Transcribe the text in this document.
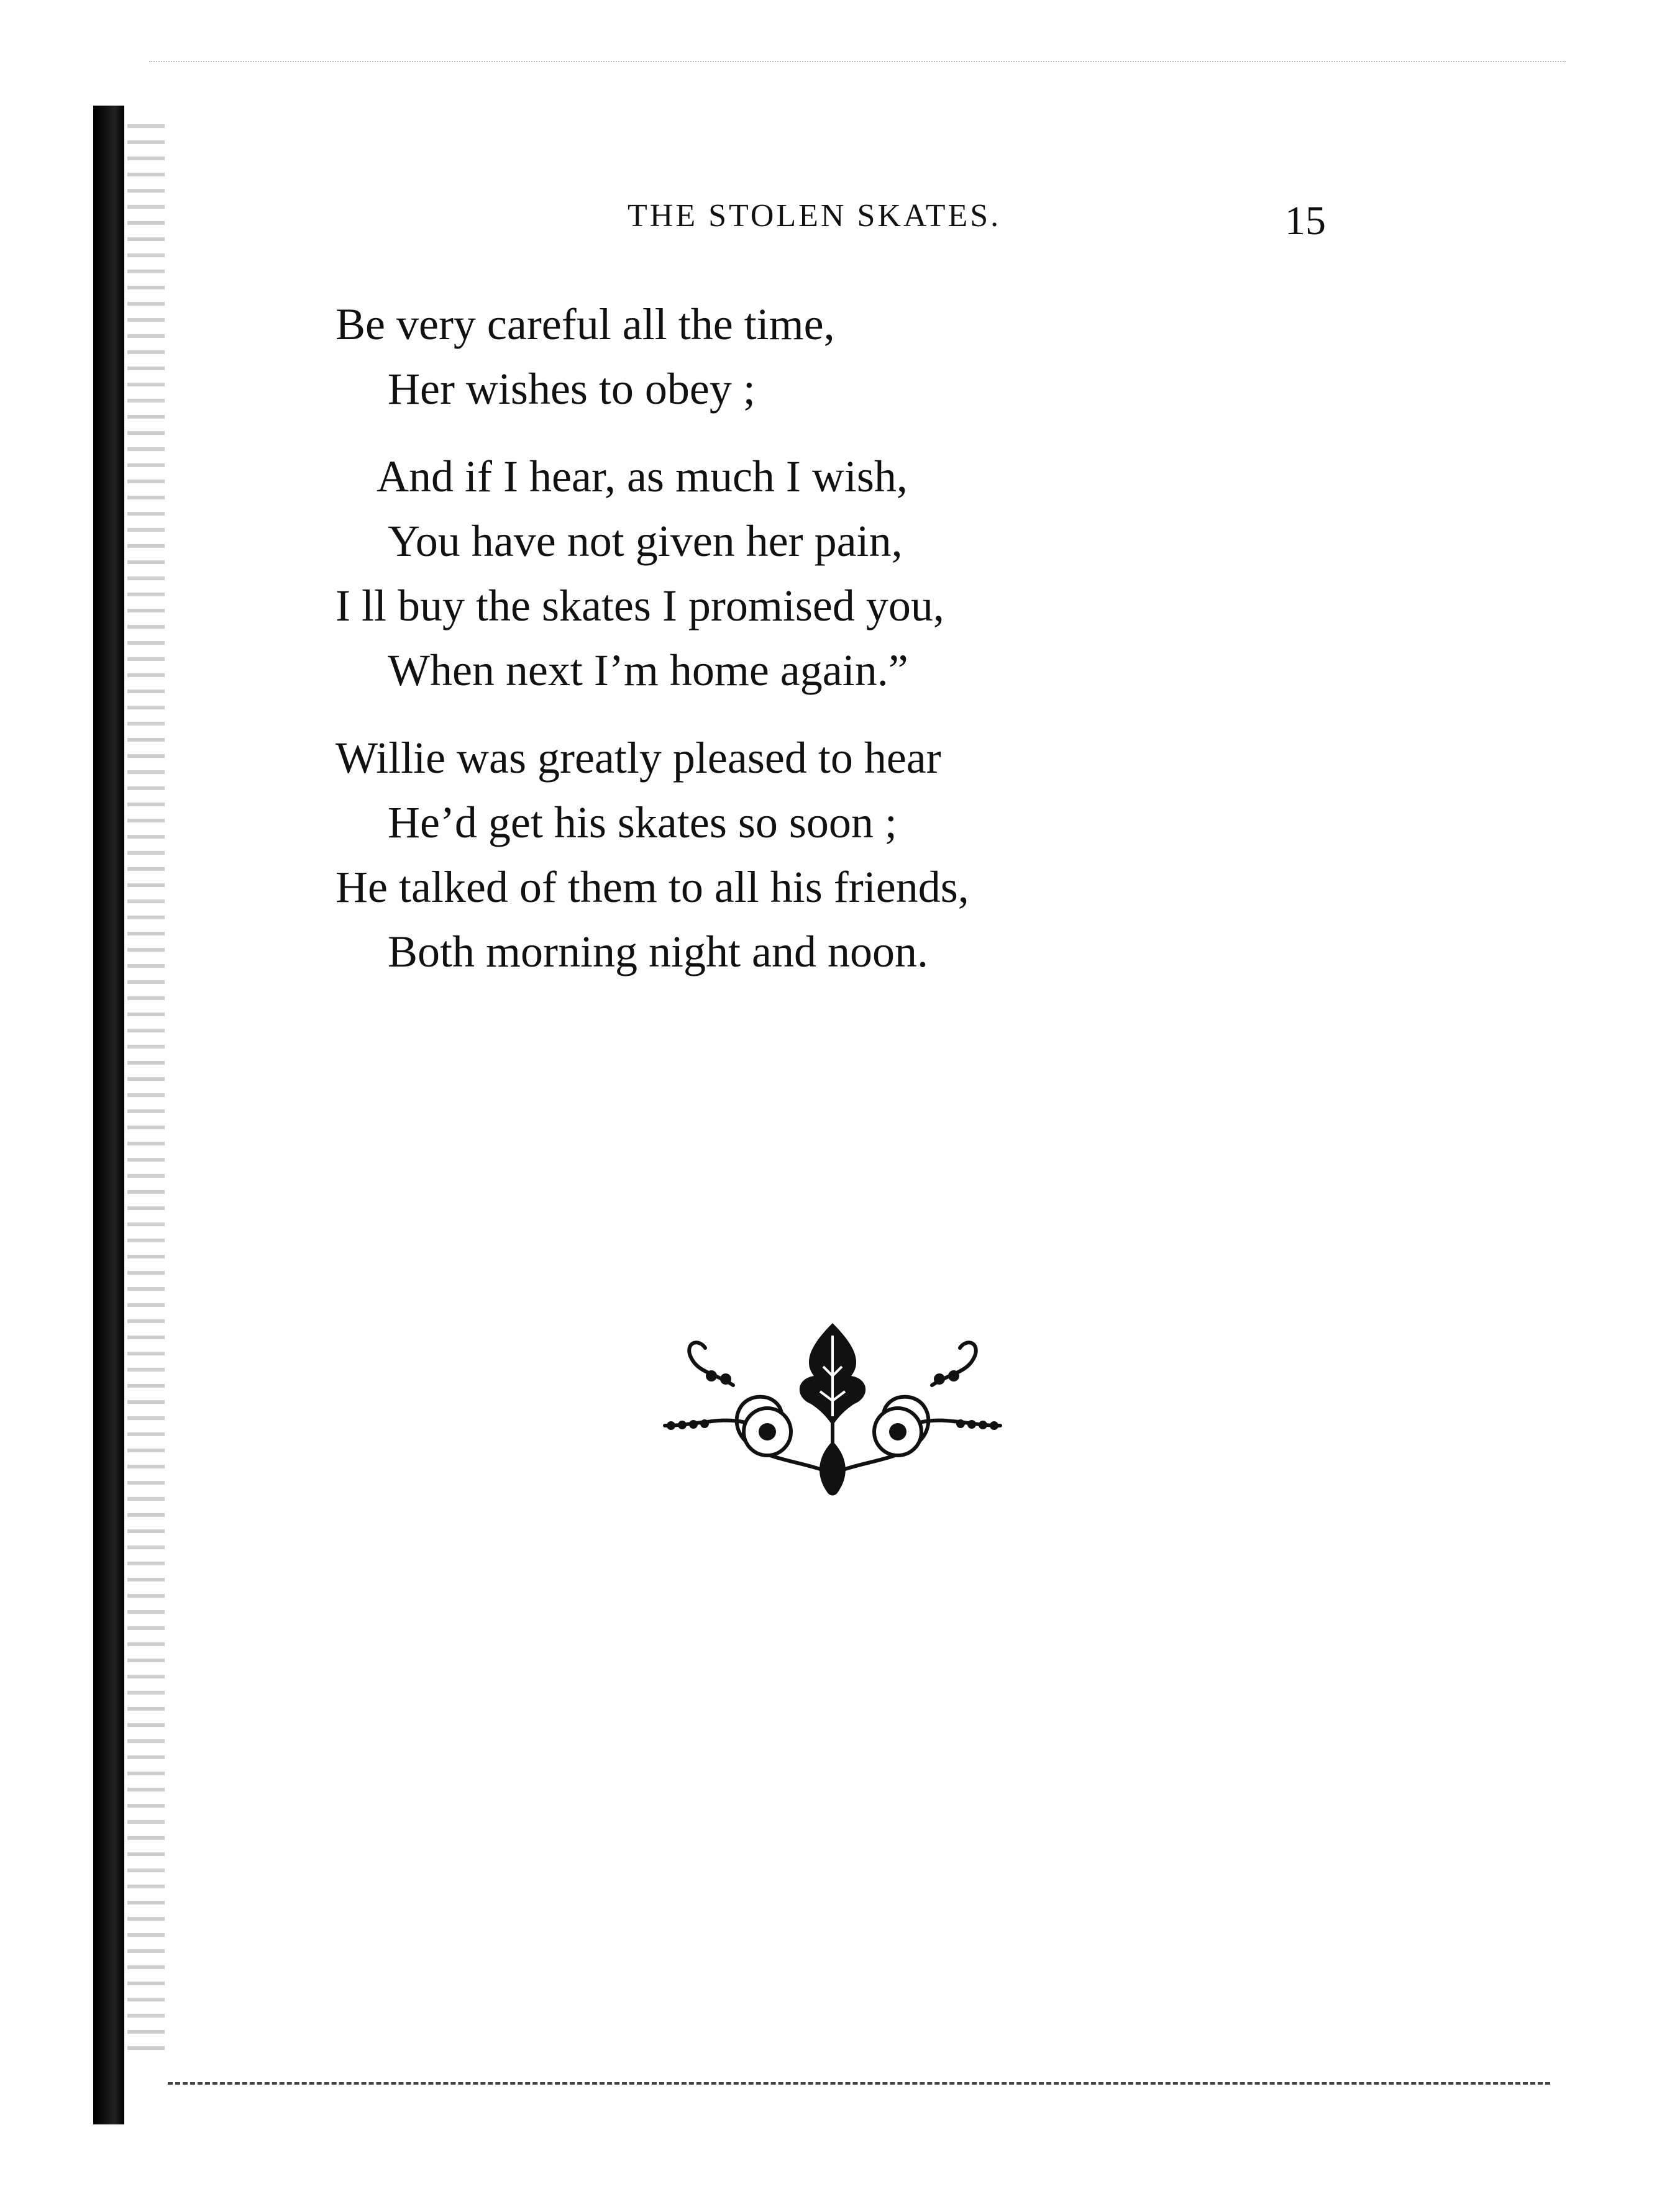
THE STOLEN SKATES.	15
Be very careful all the time,
Her wishes to obey ;
And if I hear, as much I wish,
You have not given her pain,
I ll buy the skates I promised you,
When next I’m home again.”
Willie was greatly pleased to hear
He’d get his skates so soon ;
He talked of them to all his friends,
Both morning night and noon.
